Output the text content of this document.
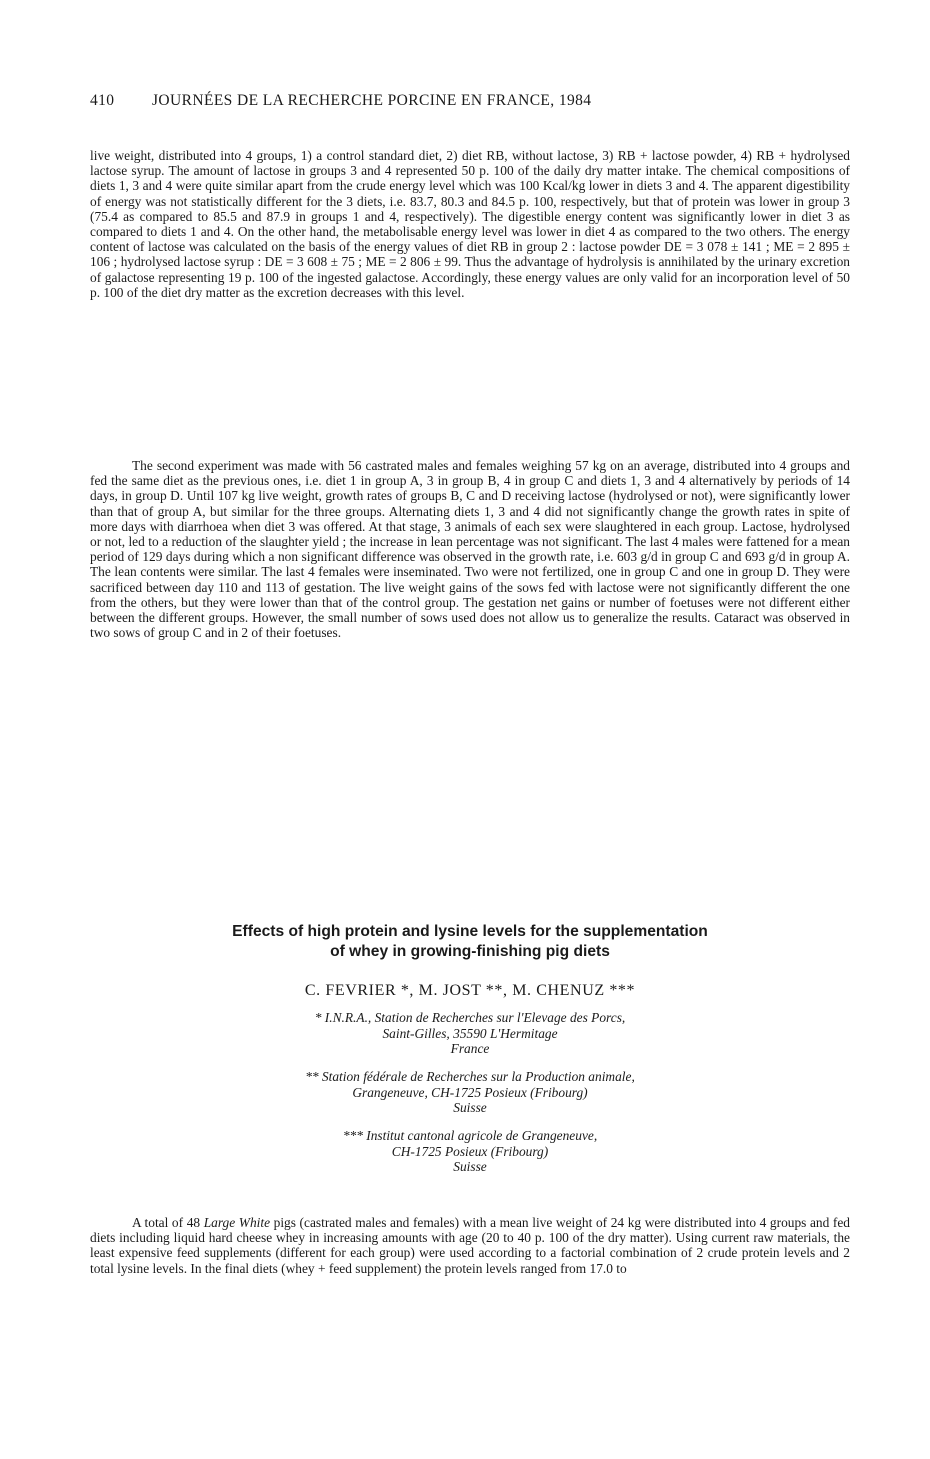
410 JOURNÉES DE LA RECHERCHE PORCINE EN FRANCE, 1984

live weight, distributed into 4 groups, 1) a control standard diet, 2) diet RB, without lactose, 3) RB + lactose powder, 4) RB + hydrolysed lactose syrup. The amount of lactose in groups 3 and 4 represented 50 p. 100 of the daily dry matter intake. The chemical compositions of diets 1, 3 and 4 were quite similar apart from the crude energy level which was 100 Kcal/kg lower in diets 3 and 4. The apparent digestibility of energy was not statistically different for the 3 diets, i.e. 83.7, 80.3 and 84.5 p. 100, respectively, but that of protein was lower in group 3 (75.4 as compared to 85.5 and 87.9 in groups 1 and 4, respectively). The digestible energy content was significantly lower in diet 3 as compared to diets 1 and 4. On the other hand, the metabolisable energy level was lower in diet 4 as compared to the two others. The energy content of lactose was calculated on the basis of the energy values of diet RB in group 2 : lactose powder DE = 3 078 ± 141 ; ME = 2 895 ± 106 ; hydrolysed lactose syrup : DE = 3 608 ± 75 ; ME = 2 806 ± 99. Thus the advantage of hydrolysis is annihilated by the urinary excretion of galactose representing 19 p. 100 of the ingested galactose. Accordingly, these energy values are only valid for an incorporation level of 50 p. 100 of the diet dry matter as the excretion decreases with this level.

The second experiment was made with 56 castrated males and females weighing 57 kg on an average, distributed into 4 groups and fed the same diet as the previous ones, i.e. diet 1 in group A, 3 in group B, 4 in group C and diets 1, 3 and 4 alternatively by periods of 14 days, in group D. Until 107 kg live weight, growth rates of groups B, C and D receiving lactose (hydrolysed or not), were significantly lower than that of group A, but similar for the three groups. Alternating diets 1, 3 and 4 did not significantly change the growth rates in spite of more days with diarrhoea when diet 3 was offered. At that stage, 3 animals of each sex were slaughtered in each group. Lactose, hydrolysed or not, led to a reduction of the slaughter yield ; the increase in lean percentage was not significant. The last 4 males were fattened for a mean period of 129 days during which a non significant difference was observed in the growth rate, i.e. 603 g/d in group C and 693 g/d in group A. The lean contents were similar. The last 4 females were inseminated. Two were not fertilized, one in group C and one in group D. They were sacrificed between day 110 and 113 of gestation. The live weight gains of the sows fed with lactose were not significantly different the one from the others, but they were lower than that of the control group. The gestation net gains or number of foetuses were not different either between the different groups. However, the small number of sows used does not allow us to generalize the results. Cataract was observed in two sows of group C and in 2 of their foetuses.

Effects of high protein and lysine levels for the supplementation
of whey in growing-finishing pig diets
C. FEVRIER *, M. JOST **, M. CHENUZ ***
* I.N.R.A., Station de Recherches sur l'Elevage des Porcs,
Saint-Gilles, 35590 L'Hermitage
France
** Station fédérale de Recherches sur la Production animale,
Grangeneuve, CH-1725 Posieux (Fribourg)
Suisse
*** Institut cantonal agricole de Grangeneuve,
CH-1725 Posieux (Fribourg)
Suisse

A total of 48 Large White pigs (castrated males and females) with a mean live weight of 24 kg were distributed into 4 groups and fed diets including liquid hard cheese whey in increasing amounts with age (20 to 40 p. 100 of the dry matter). Using current raw materials, the least expensive feed supplements (different for each group) were used according to a factorial combination of 2 crude protein levels and 2 total lysine levels. In the final diets (whey + feed supplement) the protein levels ranged from 17.0 to
